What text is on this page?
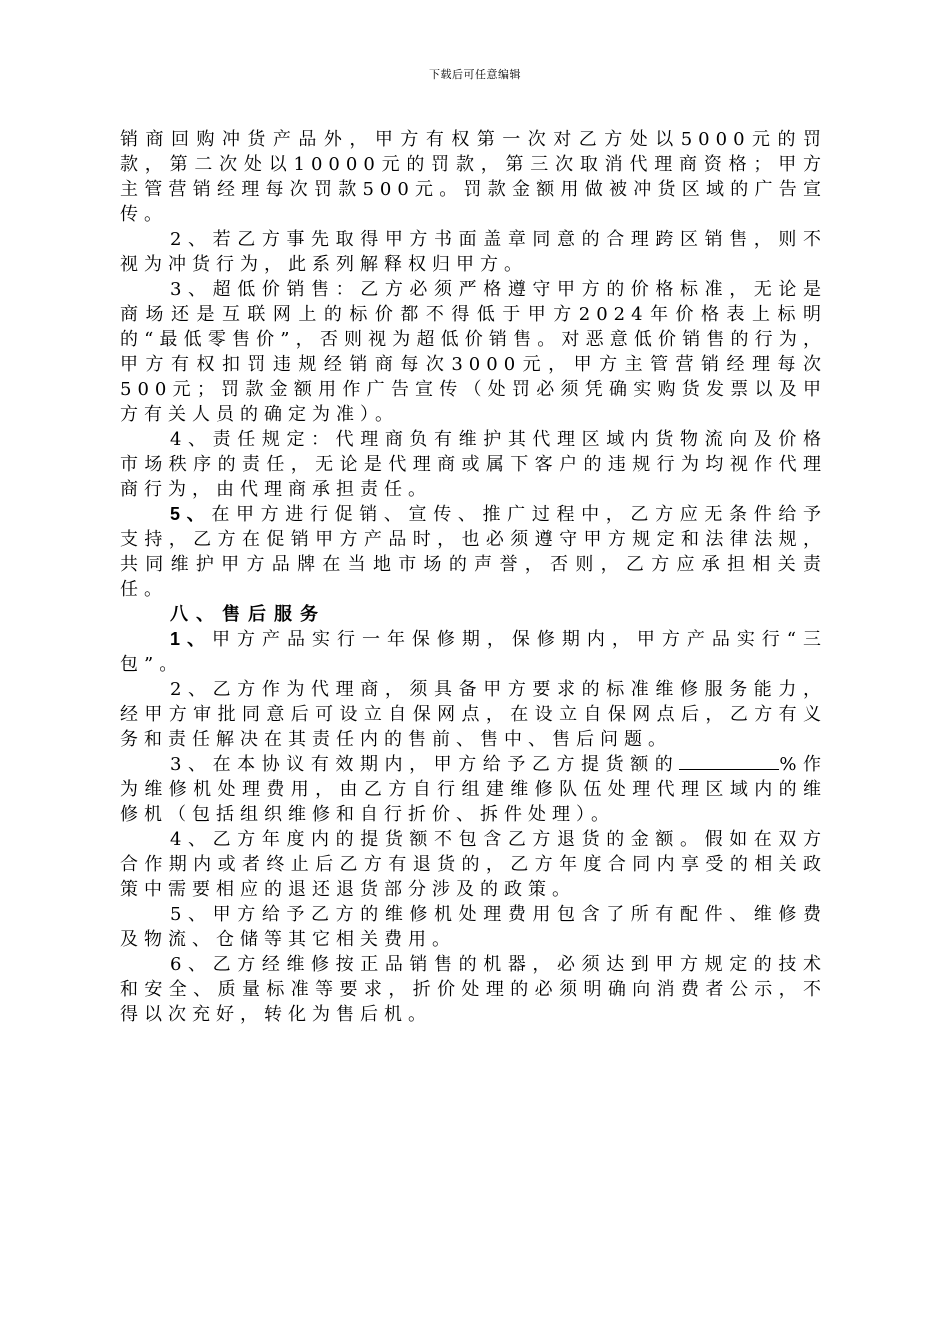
下载后可任意编辑

销商回购冲货产品外，甲方有权第一次对乙方处以5000元的罚款，第二次处以10000元的罚款，第三次取消代理商资格；甲方主管营销经理每次罚款500元。罚款金额用做被冲货区域的广告宣传。

2、若乙方事先取得甲方书面盖章同意的合理跨区销售，则不视为冲货行为，此系列解释权归甲方。

3、超低价销售：乙方必须严格遵守甲方的价格标准，无论是商场还是互联网上的标价都不得低于甲方2024年价格表上标明的“最低零售价”，否则视为超低价销售。对恶意低价销售的行为，甲方有权扣罚违规经销商每次3000元，甲方主管营销经理每次500元；罚款金额用作广告宣传（处罚必须凭确实购货发票以及甲方有关人员的确定为准）。

4、责任规定：代理商负有维护其代理区域内货物流向及价格市场秩序的责任，无论是代理商或属下客户的违规行为均视作代理商行为，由代理商承担责任。

5、在甲方进行促销、宣传、推广过程中，乙方应无条件给予支持，乙方在促销甲方产品时，也必须遵守甲方规定和法律法规，共同维护甲方品牌在当地市场的声誉，否则，乙方应承担相关责任。

八、售后服务

1、甲方产品实行一年保修期，保修期内，甲方产品实行“三包”。

2、乙方作为代理商，须具备甲方要求的标准维修服务能力，经甲方审批同意后可设立自保网点，在设立自保网点后，乙方有义务和责任解决在其责任内的售前、售中、售后问题。

3、在本协议有效期内，甲方给予乙方提货额的	%作为维修机处理费用，由乙方自行组建维修队伍处理代理区域内的维修机（包括组织维修和自行折价、拆件处理）。

4、乙方年度内的提货额不包含乙方退货的金额。假如在双方合作期内或者终止后乙方有退货的，乙方年度合同内享受的相关政策中需要相应的退还退货部分涉及的政策。

5、甲方给予乙方的维修机处理费用包含了所有配件、维修费及物流、仓储等其它相关费用。

6、乙方经维修按正品销售的机器，必须达到甲方规定的技术和安全、质量标准等要求，折价处理的必须明确向消费者公示，不得以次充好，转化为售后机。
